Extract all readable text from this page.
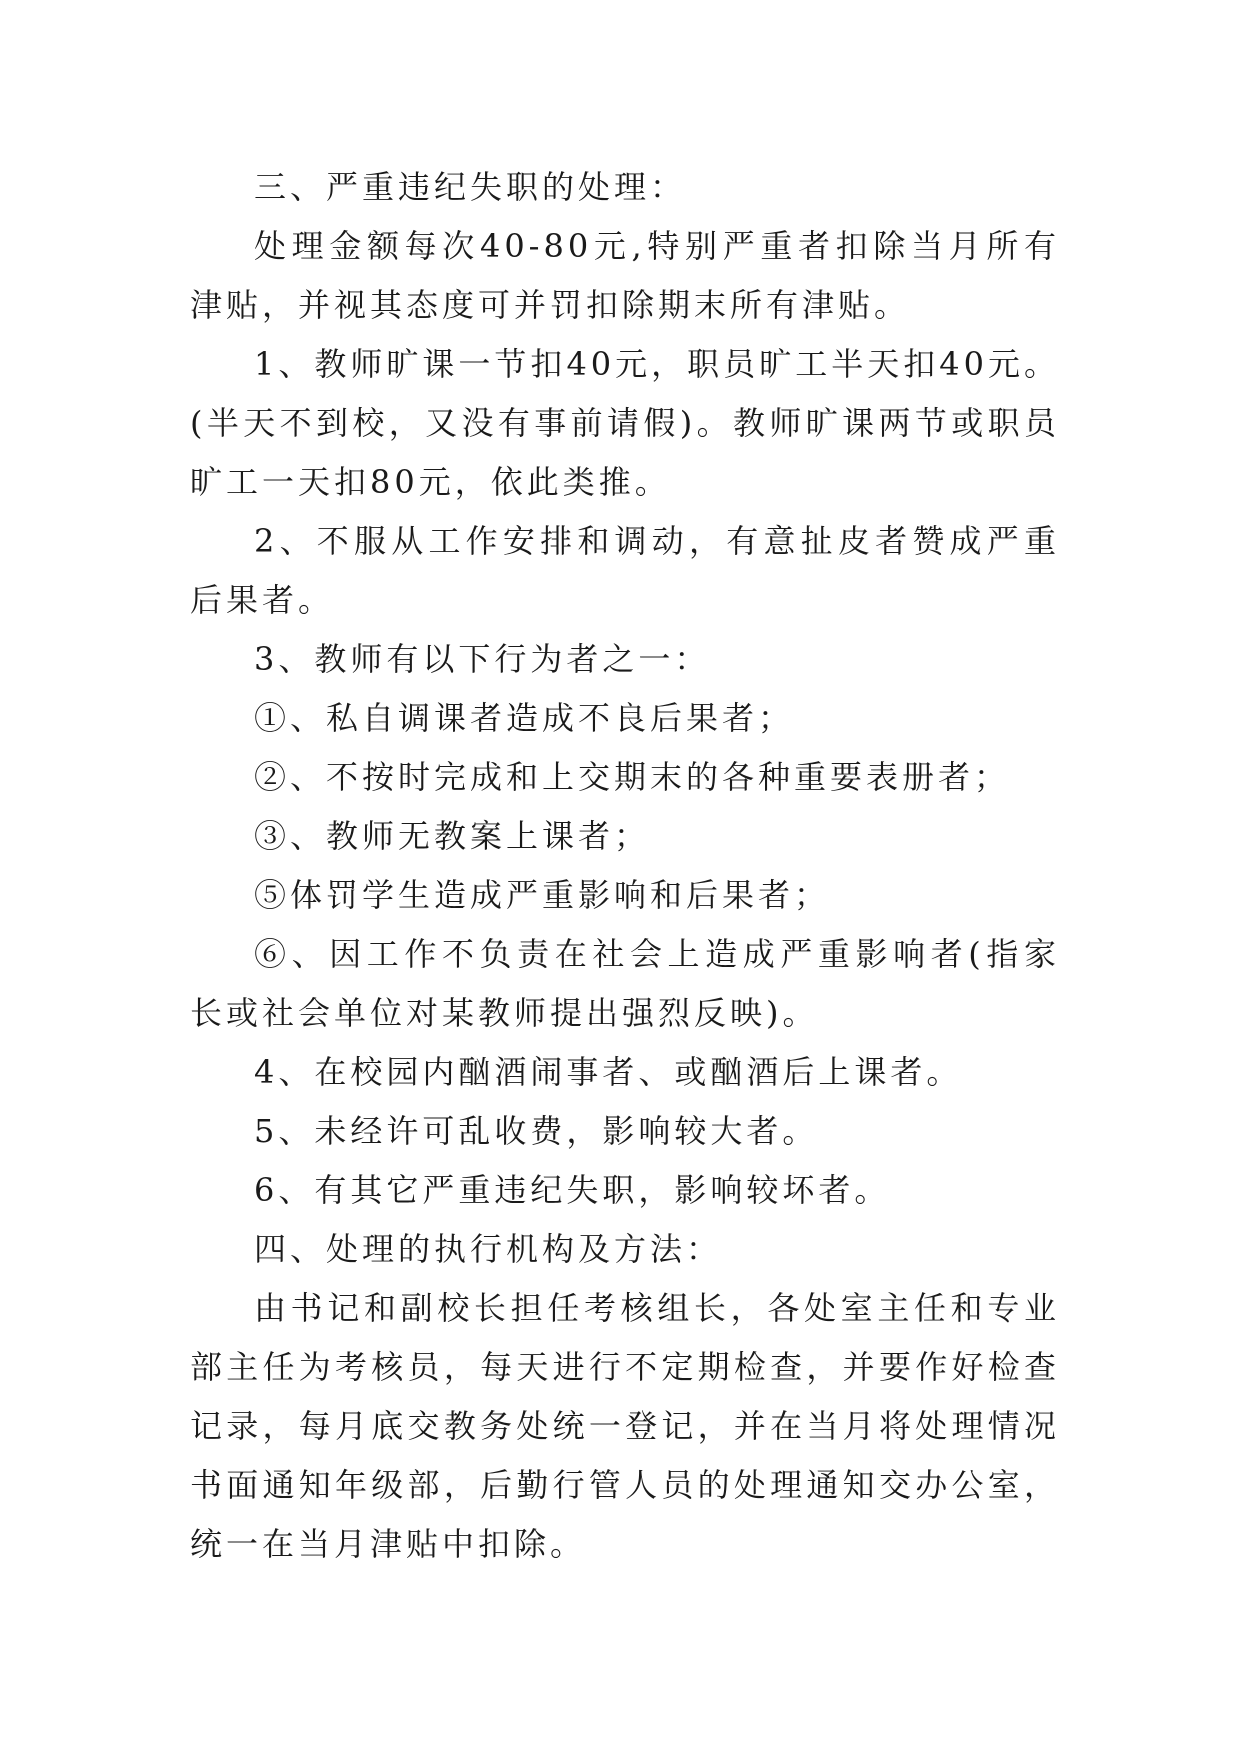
三、严重违纪失职的处理：

处理金额每次40-80元,特别严重者扣除当月所有津贴，并视其态度可并罚扣除期末所有津贴。

1、教师旷课一节扣40元，职员旷工半天扣40元。(半天不到校，又没有事前请假)。教师旷课两节或职员旷工一天扣80元，依此类推。

2、不服从工作安排和调动，有意扯皮者赞成严重后果者。

3、教师有以下行为者之一：

①、私自调课者造成不良后果者；

②、不按时完成和上交期末的各种重要表册者；

③、教师无教案上课者；

⑤体罚学生造成严重影响和后果者；

⑥、因工作不负责在社会上造成严重影响者(指家长或社会单位对某教师提出强烈反映)。

4、在校园内酗酒闹事者、或酗酒后上课者。

5、未经许可乱收费，影响较大者。

6、有其它严重违纪失职，影响较坏者。

四、处理的执行机构及方法：

由书记和副校长担任考核组长，各处室主任和专业部主任为考核员，每天进行不定期检查，并要作好检查记录，每月底交教务处统一登记，并在当月将处理情况书面通知年级部，后勤行管人员的处理通知交办公室，统一在当月津贴中扣除。
